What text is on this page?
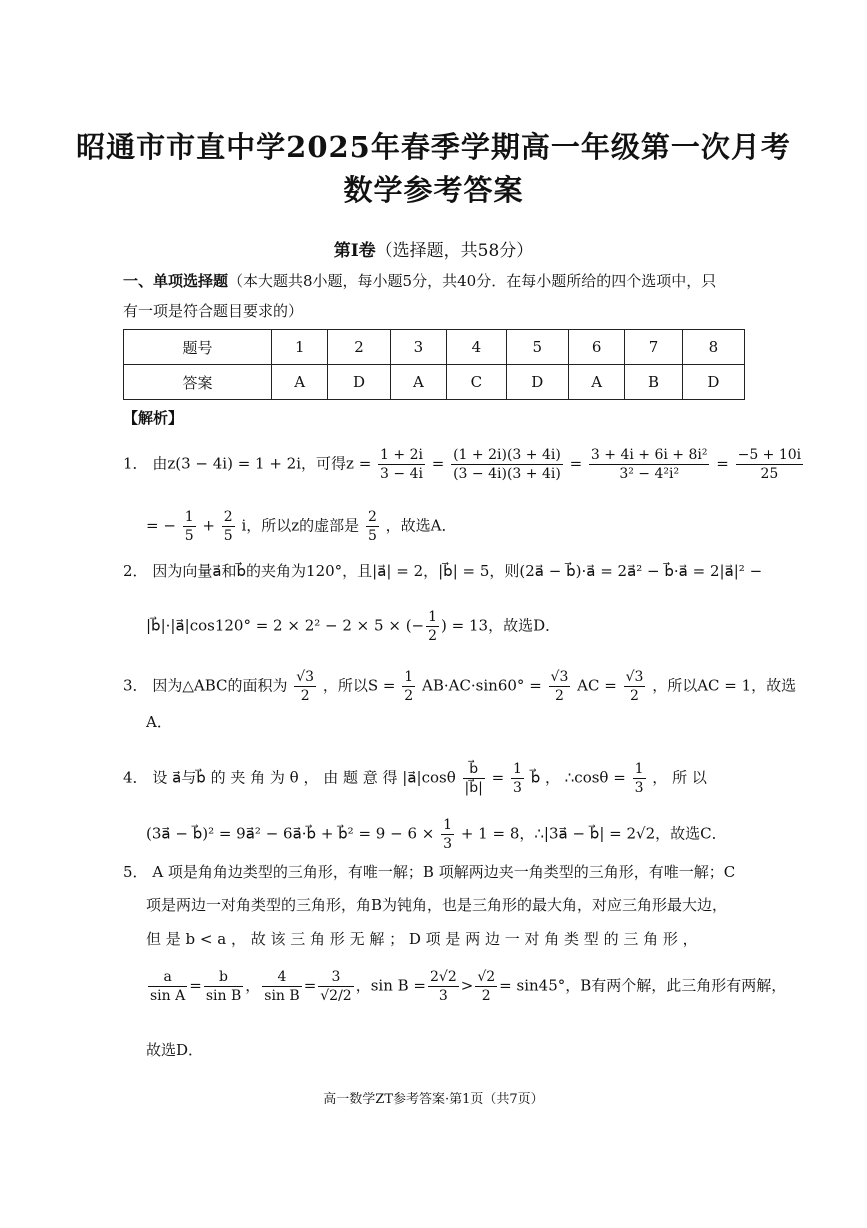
昭通市市直中学2025年春季学期高一年级第一次月考
数学参考答案
第Ⅰ卷（选择题，共58分）
一、单项选择题（本大题共8小题，每小题5分，共40分．在每小题所给的四个选项中，只
有一项是符合题目要求的）
题号	1	2	3	4	5	6	7	8
答案	A	D	A	C	D	A	B	D
【解析】
1． 由z(3 − 4i) = 1 + 2i，可得$z = \frac{1 + 2i}{3 - 4i} = \frac{(1 + 2i)(3 + 4i)}{(3 - 4i)(3 + 4i)} = \frac{\text{3 + 4i + 6i + 8i²}}{\text{3² − 4²i²}} = \frac{-5 + 10i}{25}$
= − $\frac{1}{5} + \frac{2}{5}$ i，所以z的虚部是 $\frac{2}{5}$ ，故选A．
2． 因为向量a⃗和b⃗的夹角为120°，且|a⃗| = 2，|b⃗| = 5，则(2a⃗ − b⃗)·a⃗ = 2a⃗² − b⃗·a⃗ = 2|a⃗|² −
|b⃗|·|a⃗|cos120° = 2 × 2² − 2 × 5 × (− $\frac{1}{2}$ ) = 13，故选D．
3． 因为△ABC的面积为 $\frac{√3}{2}$ ，所以$S = \frac{1}{2} AB\cdot AC\cdot\sin 60^\circ = \frac{√3}{2}$ AC = $\frac{√3}{2}$ ，所以AC = 1，故选
A．
4． 设 a⃗与b⃗ 的 夹 角 为 θ ， 由 题 意 得 |a⃗|cosθ $\frac{b⃗}{|b⃗|} = \frac{1}{3}$ b⃗ ， ∴cosθ = $\frac{1}{3}$ ， 所 以
(3a⃗ − b⃗)² = 9a⃗² − 6a⃗·b⃗ + b⃗² = $9 - 6 \times \frac{1}{3} + 1 = 8$，∴|3a⃗ − b⃗| = 2√2，故选C．
5． A 项是角角边类型的三角形，有唯一解；B 项解两边夹一角类型的三角形，有唯一解；C
项是两边一对角类型的三角形，角B为钝角，也是三角形的最大角，对应三角形最大边，
但 是 b < a ， 故 该 三 角 形 无 解 ； D 项 是 两 边 一 对 角 类 型 的 三 角 形 ，
$\frac{a}{\text{sin A}} = \frac{b}{\text{sin B}}$ ， $\frac{4}{\text{sin B}} = \frac{3}{√2/2}$ ，$\sin B = \frac{2√2}{3} > \frac{√2}{2} = \sin 45^\circ$，B有两个解，此三角形有两解，
故选D．
高一数学ZT参考答案·第1页（共7页）
